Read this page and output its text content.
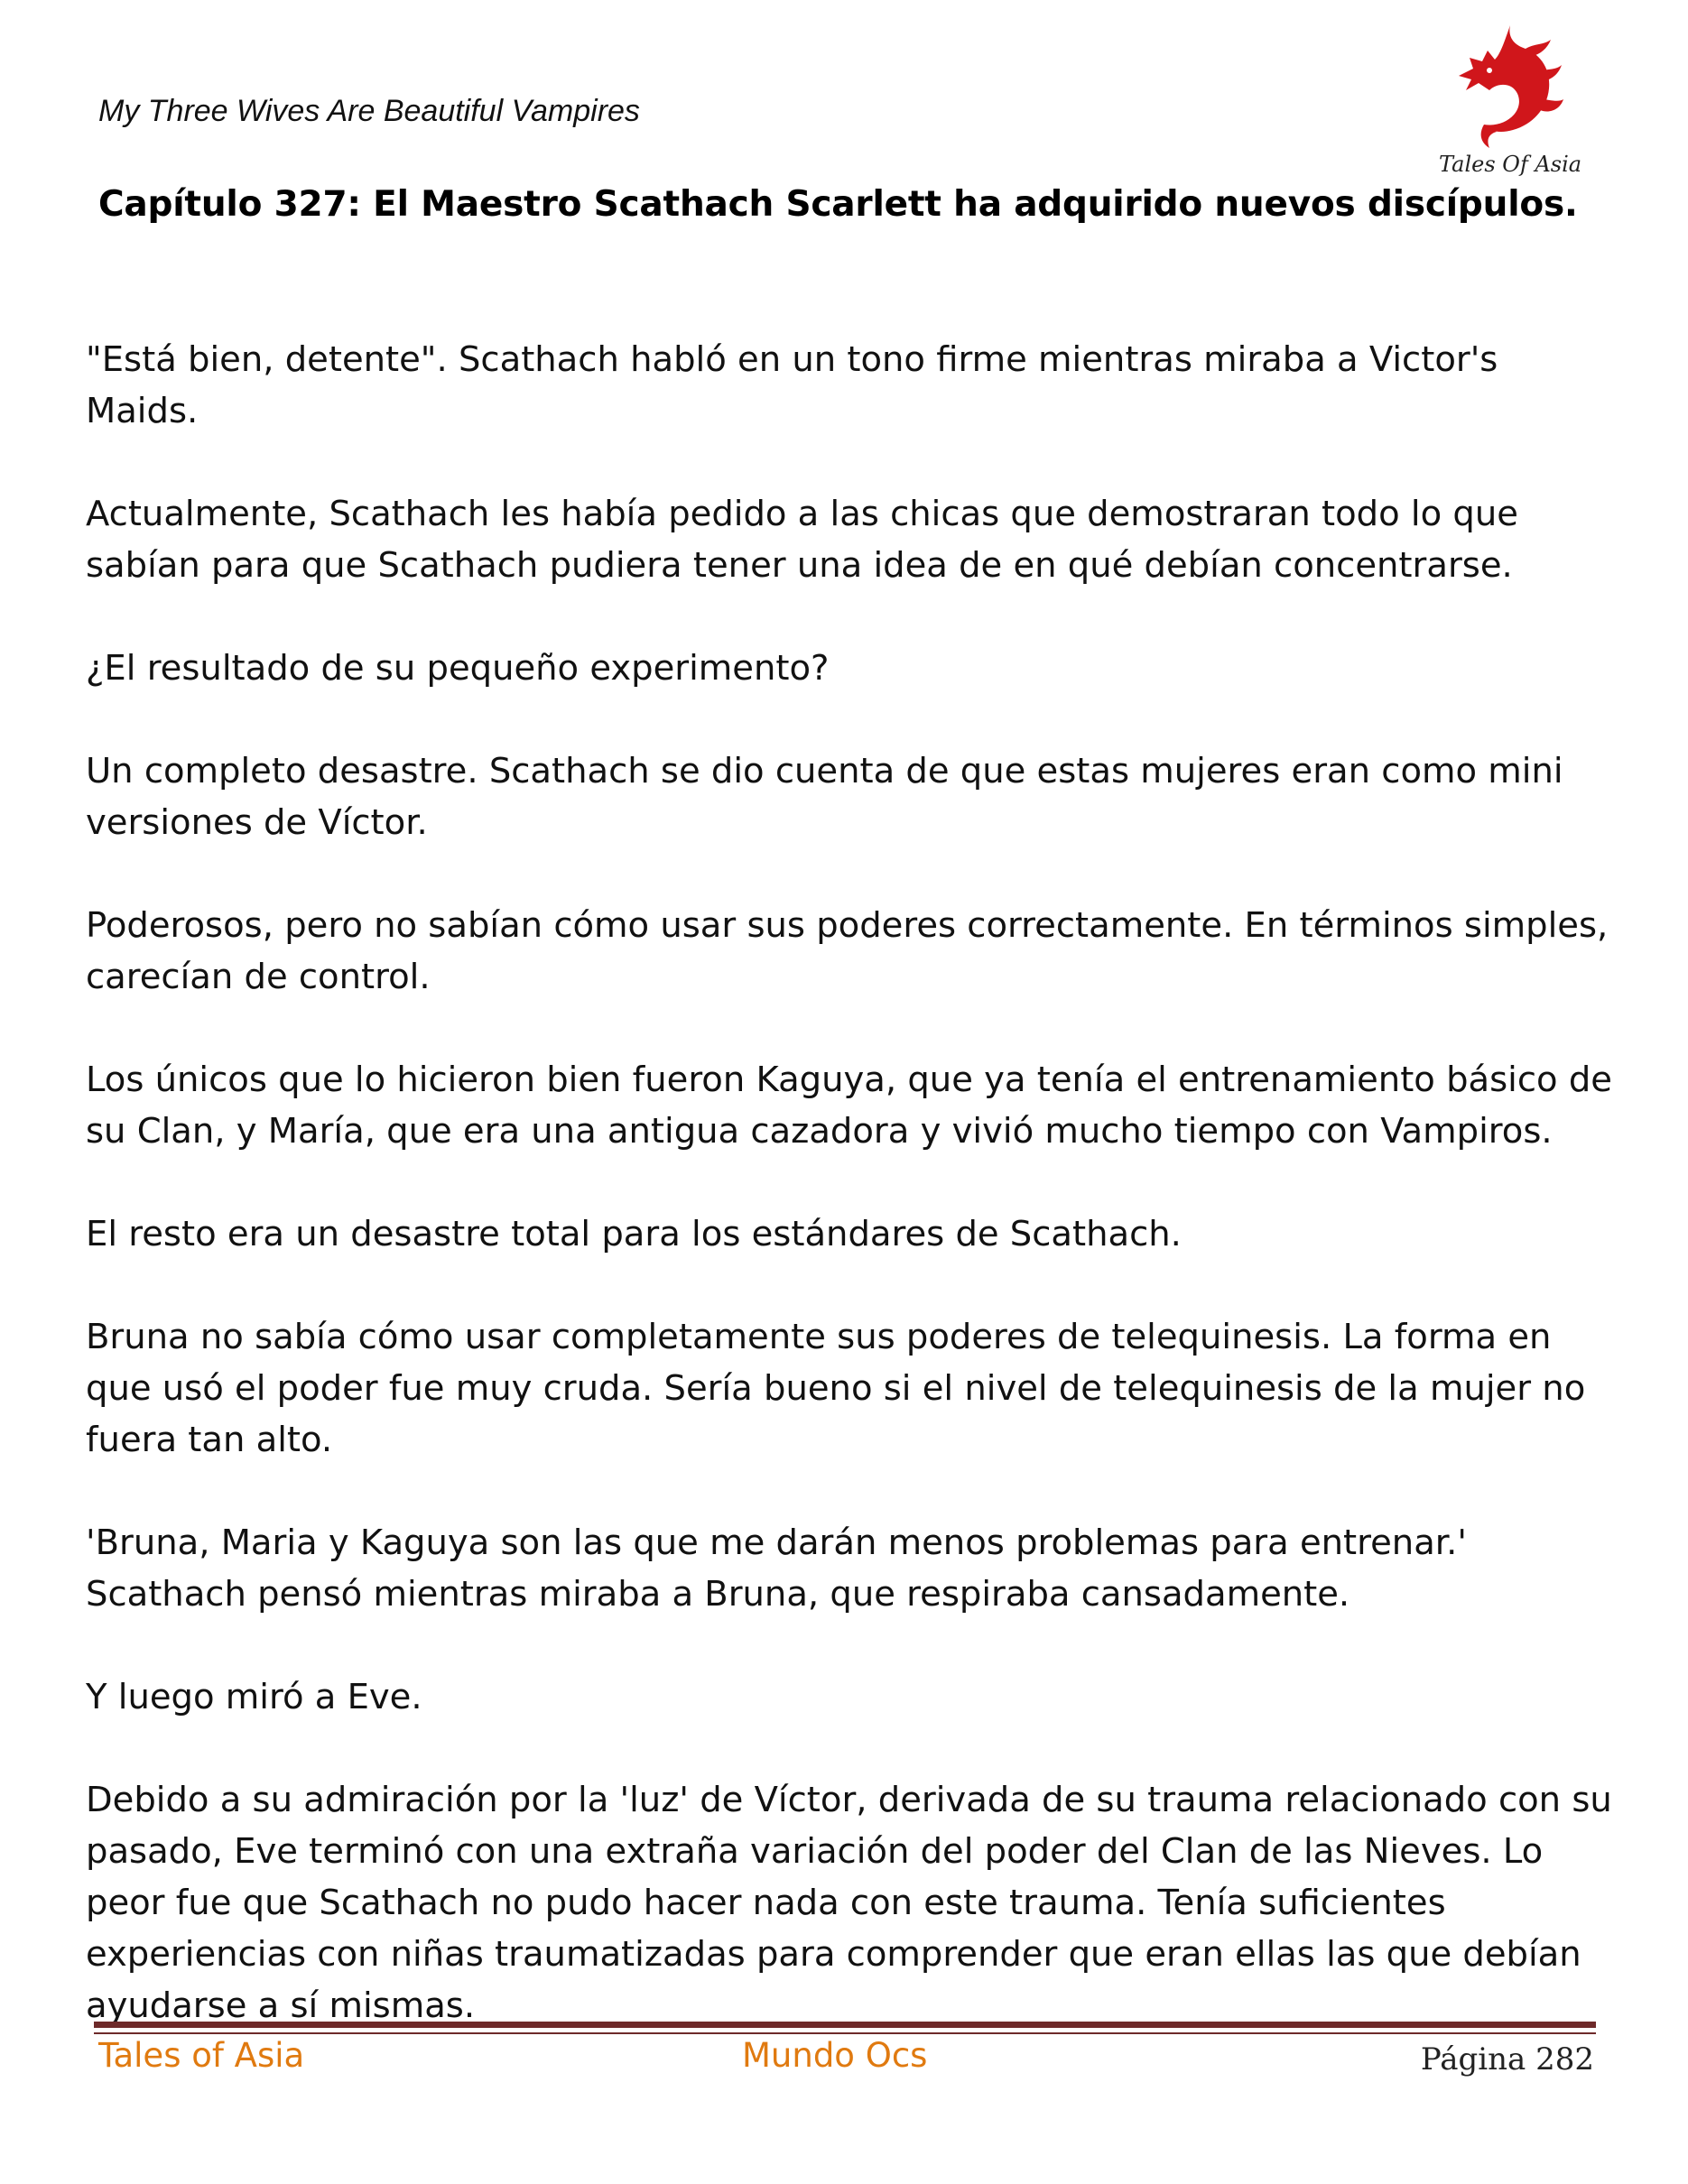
My Three Wives Are Beautiful Vampires
Tales Of Asia
Capítulo 327: El Maestro Scathach Scarlett ha adquirido nuevos discípulos.

"Está bien, detente". Scathach habló en un tono firme mientras miraba a Victor's Maids.

Actualmente, Scathach les había pedido a las chicas que demostraran todo lo que sabían para que Scathach pudiera tener una idea de en qué debían concentrarse.

¿El resultado de su pequeño experimento?

Un completo desastre. Scathach se dio cuenta de que estas mujeres eran como mini versiones de Víctor.

Poderosos, pero no sabían cómo usar sus poderes correctamente. En términos simples, carecían de control.

Los únicos que lo hicieron bien fueron Kaguya, que ya tenía el entrenamiento básico de su Clan, y María, que era una antigua cazadora y vivió mucho tiempo con Vampiros.

El resto era un desastre total para los estándares de Scathach.

Bruna no sabía cómo usar completamente sus poderes de telequinesis. La forma en que usó el poder fue muy cruda. Sería bueno si el nivel de telequinesis de la mujer no fuera tan alto.

'Bruna, Maria y Kaguya son las que me darán menos problemas para entrenar.' Scathach pensó mientras miraba a Bruna, que respiraba cansadamente.

Y luego miró a Eve.

Debido a su admiración por la 'luz' de Víctor, derivada de su trauma relacionado con su pasado, Eve terminó con una extraña variación del poder del Clan de las Nieves. Lo peor fue que Scathach no pudo hacer nada con este trauma. Tenía suficientes experiencias con niñas traumatizadas para comprender que eran ellas las que debían ayudarse a sí mismas.

Tales of Asia	Mundo Ocs	Página 282
